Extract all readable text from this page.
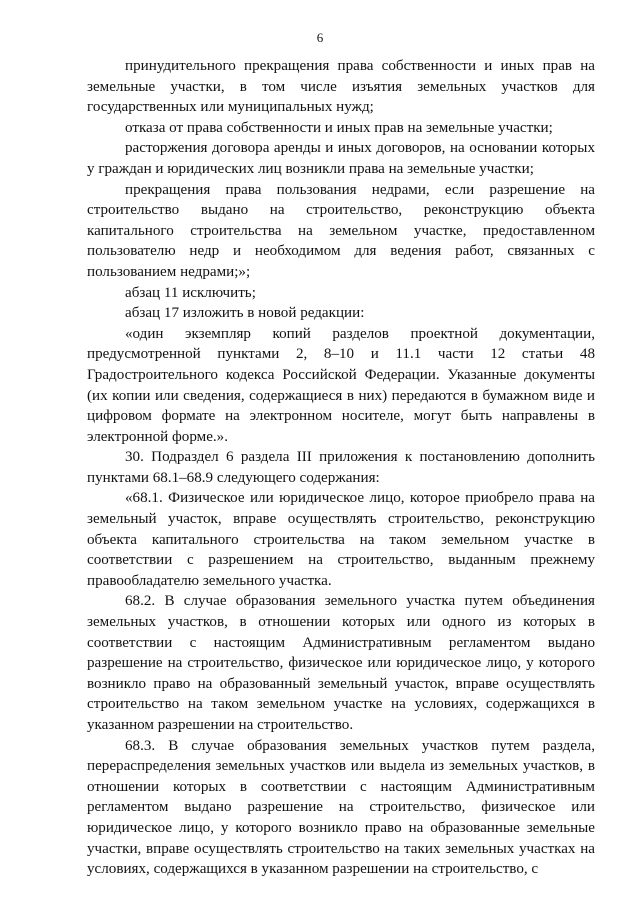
6

принудительного прекращения права собственности и иных прав на земельные участки, в том числе изъятия земельных участков для государственных или муниципальных нужд;

отказа от права собственности и иных прав на земельные участки;

расторжения договора аренды и иных договоров, на основании которых у граждан и юридических лиц возникли права на земельные участки;

прекращения права пользования недрами, если разрешение на строительство выдано на строительство, реконструкцию объекта капитального строительства на земельном участке, предоставленном пользователю недр и необходимом для ведения работ, связанных с пользованием недрами;»;

абзац 11 исключить;

абзац 17 изложить в новой редакции:

«один экземпляр копий разделов проектной документации, предусмотренной пунктами 2, 8–10 и 11.1 части 12 статьи 48 Градостроительного кодекса Российской Федерации. Указанные документы (их копии или сведения, содержащиеся в них) передаются в бумажном виде и цифровом формате на электронном носителе, могут быть направлены в электронной форме.».

30. Подраздел 6 раздела III приложения к постановлению дополнить пунктами 68.1–68.9 следующего содержания:

«68.1. Физическое или юридическое лицо, которое приобрело права на земельный участок, вправе осуществлять строительство, реконструкцию объекта капитального строительства на таком земельном участке в соответствии с разрешением на строительство, выданным прежнему правообладателю земельного участка.

68.2. В случае образования земельного участка путем объединения земельных участков, в отношении которых или одного из которых в соответствии с настоящим Административным регламентом выдано разрешение на строительство, физическое или юридическое лицо, у которого возникло право на образованный земельный участок, вправе осуществлять строительство на таком земельном участке на условиях, содержащихся в указанном разрешении на строительство.

68.3. В случае образования земельных участков путем раздела, перераспределения земельных участков или выдела из земельных участков, в отношении которых в соответствии с настоящим Административным регламентом выдано разрешение на строительство, физическое или юридическое лицо, у которого возникло право на образованные земельные участки, вправе осуществлять строительство на таких земельных участках на условиях, содержащихся в указанном разрешении на строительство, с
